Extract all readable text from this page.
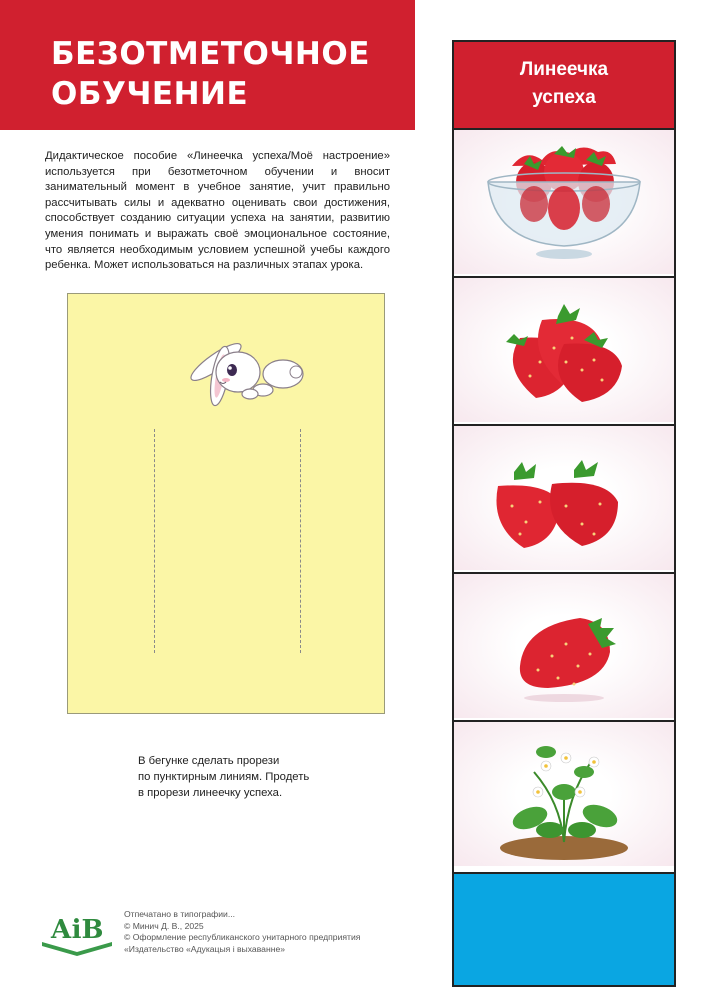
БЕЗОТМЕТОЧНОЕ
ОБУЧЕНИЕ

Дидактическое пособие «Линеечка успеха/Моё настроение» используется при безотметочном обучении и вносит занимательный момент в учебное занятие, учит правильно рассчитывать силы и адекватно оценивать свои достижения, способствует созданию ситуации успеха на занятии, развитию умения понимать и выражать своё эмоциональное состояние, что является необходимым условием успешной учебы каждого ребенка. Может использоваться на различных этапах урока.

В бегунке сделать прорези
по пунктирным линиям. Продеть
в прорези линеечку успеха.

АіВ
Отпечатано в типографии...
© Минич Д. В., 2025
© Оформление республиканского унитарного предприятия
«Издательство «Адукацыя і выхаванне»
Линеечка
успеха
